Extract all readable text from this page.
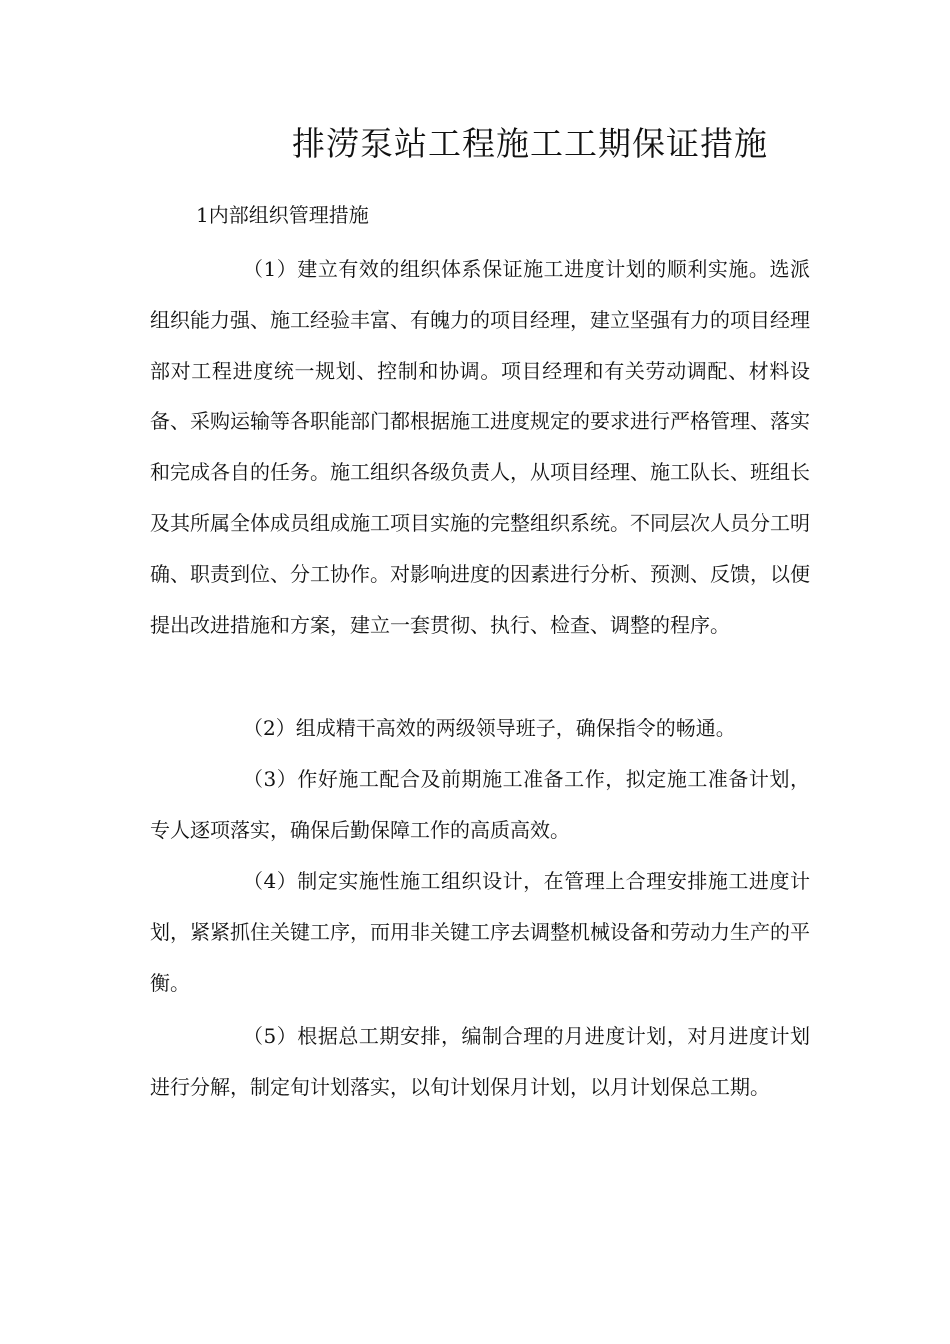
排涝泵站工程施工工期保证措施
1内部组织管理措施

（1）建立有效的组织体系保证施工进度计划的顺利实施。选派组织能力强、施工经验丰富、有魄力的项目经理，建立坚强有力的项目经理部对工程进度统一规划、控制和协调。项目经理和有关劳动调配、材料设备、采购运输等各职能部门都根据施工进度规定的要求进行严格管理、落实和完成各自的任务。施工组织各级负责人，从项目经理、施工队长、班组长及其所属全体成员组成施工项目实施的完整组织系统。不同层次人员分工明确、职责到位、分工协作。对影响进度的因素进行分析、预测、反馈，以便提出改进措施和方案，建立一套贯彻、执行、检查、调整的程序。

（2）组成精干高效的两级领导班子，确保指令的畅通。

（3）作好施工配合及前期施工准备工作，拟定施工准备计划，专人逐项落实，确保后勤保障工作的高质高效。

（4）制定实施性施工组织设计，在管理上合理安排施工进度计划，紧紧抓住关键工序，而用非关键工序去调整机械设备和劳动力生产的平衡。

（5）根据总工期安排，编制合理的月进度计划，对月进度计划进行分解，制定旬计划落实，以旬计划保月计划，以月计划保总工期。
